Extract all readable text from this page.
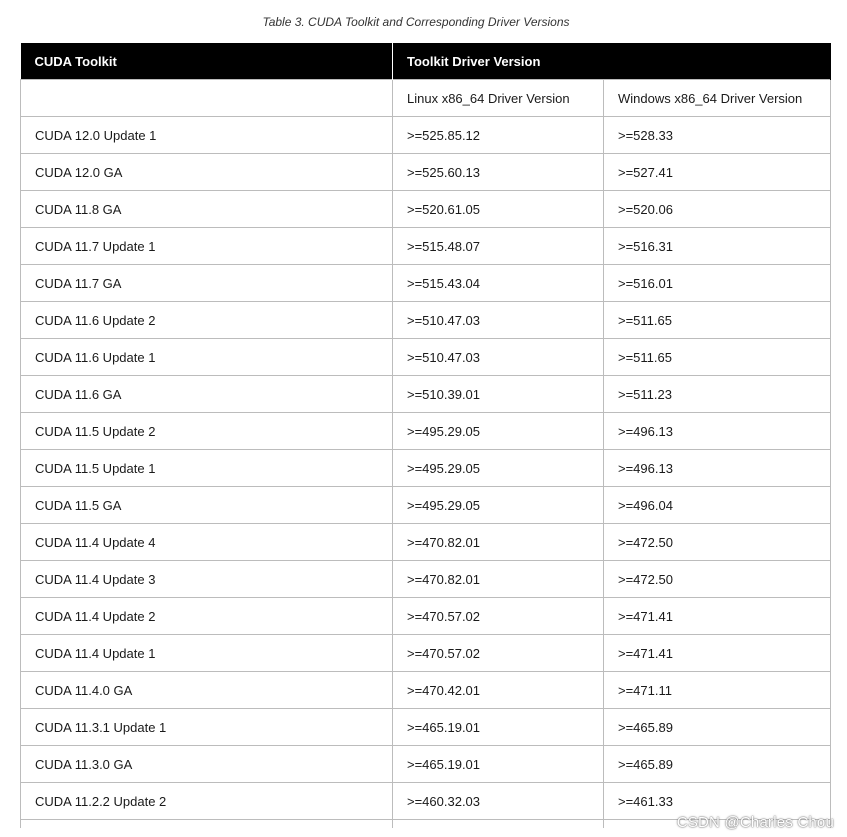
Table 3. CUDA Toolkit and Corresponding Driver Versions
CUDA Toolkit	Toolkit Driver Version	
	Linux x86_64 Driver Version	Windows x86_64 Driver Version
CUDA 12.0 Update 1	>=525.85.12	>=528.33
CUDA 12.0 GA	>=525.60.13	>=527.41
CUDA 11.8 GA	>=520.61.05	>=520.06
CUDA 11.7 Update 1	>=515.48.07	>=516.31
CUDA 11.7 GA	>=515.43.04	>=516.01
CUDA 11.6 Update 2	>=510.47.03	>=511.65
CUDA 11.6 Update 1	>=510.47.03	>=511.65
CUDA 11.6 GA	>=510.39.01	>=511.23
CUDA 11.5 Update 2	>=495.29.05	>=496.13
CUDA 11.5 Update 1	>=495.29.05	>=496.13
CUDA 11.5 GA	>=495.29.05	>=496.04
CUDA 11.4 Update 4	>=470.82.01	>=472.50
CUDA 11.4 Update 3	>=470.82.01	>=472.50
CUDA 11.4 Update 2	>=470.57.02	>=471.41
CUDA 11.4 Update 1	>=470.57.02	>=471.41
CUDA 11.4.0 GA	>=470.42.01	>=471.11
CUDA 11.3.1 Update 1	>=465.19.01	>=465.89
CUDA 11.3.0 GA	>=465.19.01	>=465.89
CUDA 11.2.2 Update 2	>=460.32.03	>=461.33

CSDN @Charles Chou
